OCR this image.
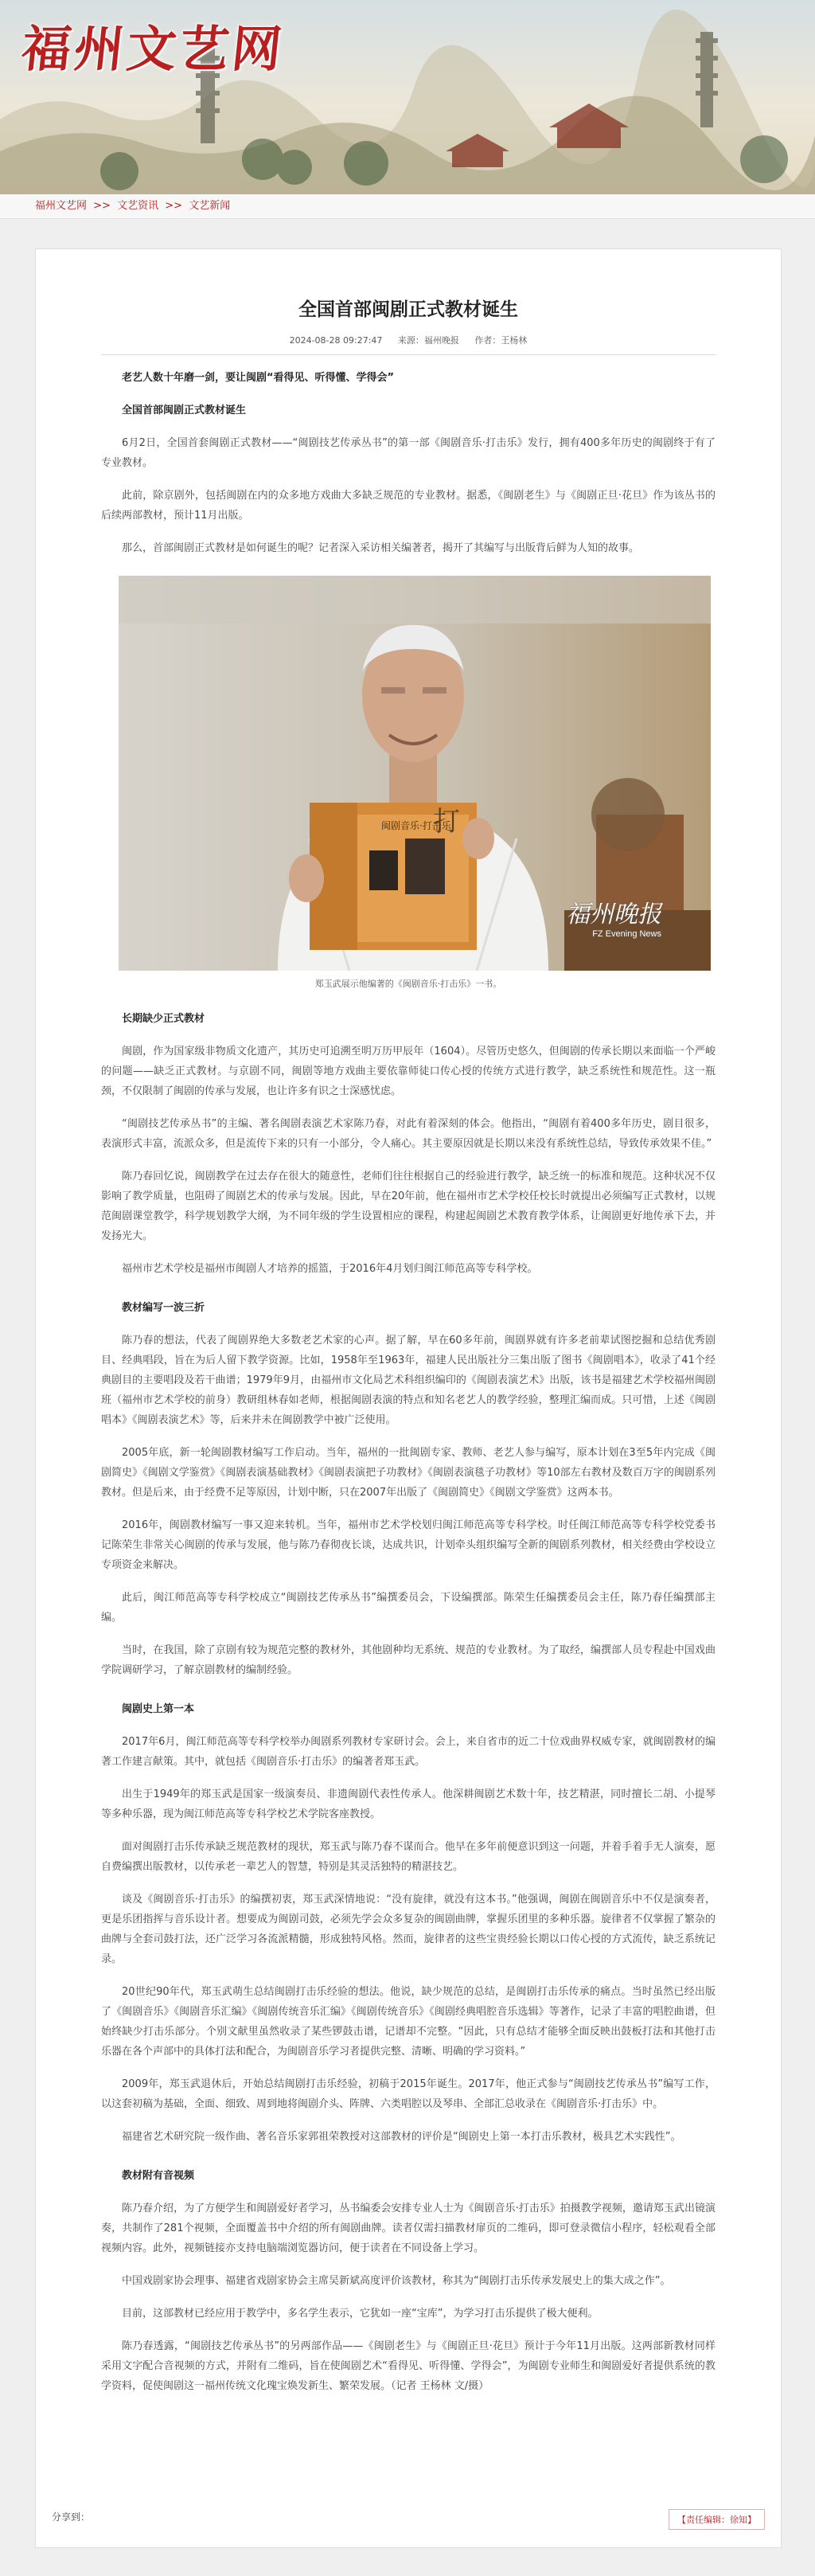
福州文艺网
福州文艺网 >> 文艺资讯 >> 文艺新闻
全国首部闽剧正式教材诞生
2024-08-28 09:27:47 来源：福州晚报 作者：王杨林

老艺人数十年磨一剑，要让闽剧“看得见、听得懂、学得会”

全国首部闽剧正式教材诞生

6月2日，全国首套闽剧正式教材——“闽剧技艺传承丛书”的第一部《闽剧音乐·打击乐》发行，拥有400多年历史的闽剧终于有了专业教材。

此前，除京剧外，包括闽剧在内的众多地方戏曲大多缺乏规范的专业教材。据悉，《闽剧老生》与《闽剧正旦·花旦》作为该丛书的后续两部教材，预计11月出版。

那么，首部闽剧正式教材是如何诞生的呢？记者深入采访相关编著者，揭开了其编写与出版背后鲜为人知的故事。

闽剧音乐·打击乐
打
福州晚报
FZ Evening News
郑玉武展示他编著的《闽剧音乐·打击乐》一书。

长期缺少正式教材

闽剧，作为国家级非物质文化遗产，其历史可追溯至明万历甲辰年（1604）。尽管历史悠久，但闽剧的传承长期以来面临一个严峻的问题——缺乏正式教材。与京剧不同，闽剧等地方戏曲主要依靠师徒口传心授的传统方式进行教学，缺乏系统性和规范性。这一瓶颈，不仅限制了闽剧的传承与发展，也让许多有识之士深感忧虑。

“闽剧技艺传承丛书”的主编、著名闽剧表演艺术家陈乃春，对此有着深刻的体会。他指出，“闽剧有着400多年历史，剧目很多，表演形式丰富，流派众多，但是流传下来的只有一小部分，令人痛心。其主要原因就是长期以来没有系统性总结，导致传承效果不佳。”

陈乃春回忆说，闽剧教学在过去存在很大的随意性，老师们往往根据自己的经验进行教学，缺乏统一的标准和规范。这种状况不仅影响了教学质量，也阻碍了闽剧艺术的传承与发展。因此，早在20年前，他在福州市艺术学校任校长时就提出必须编写正式教材，以规范闽剧课堂教学，科学规划教学大纲，为不同年级的学生设置相应的课程，构建起闽剧艺术教育教学体系，让闽剧更好地传承下去，并发扬光大。

福州市艺术学校是福州市闽剧人才培养的摇篮，于2016年4月划归闽江师范高等专科学校。

教材编写一波三折

陈乃春的想法，代表了闽剧界绝大多数老艺术家的心声。据了解，早在60多年前，闽剧界就有许多老前辈试图挖掘和总结优秀剧目、经典唱段，旨在为后人留下教学资源。比如，1958年至1963年，福建人民出版社分三集出版了图书《闽剧唱本》，收录了41个经典剧目的主要唱段及若干曲谱；1979年9月，由福州市文化局艺术科组织编印的《闽剧表演艺术》出版，该书是福建艺术学校福州闽剧班（福州市艺术学校的前身）教研组林春如老师，根据闽剧表演的特点和知名老艺人的教学经验，整理汇编而成。只可惜，上述《闽剧唱本》《闽剧表演艺术》等，后来并未在闽剧教学中被广泛使用。

2005年底，新一轮闽剧教材编写工作启动。当年，福州的一批闽剧专家、教师、老艺人参与编写，原本计划在3至5年内完成《闽剧简史》《闽剧文学鉴赏》《闽剧表演基础教材》《闽剧表演把子功教材》《闽剧表演毯子功教材》等10部左右教材及数百万字的闽剧系列教材。但是后来，由于经费不足等原因，计划中断，只在2007年出版了《闽剧简史》《闽剧文学鉴赏》这两本书。

2016年，闽剧教材编写一事又迎来转机。当年，福州市艺术学校划归闽江师范高等专科学校。时任闽江师范高等专科学校党委书记陈荣生非常关心闽剧的传承与发展，他与陈乃春彻夜长谈，达成共识，计划牵头组织编写全新的闽剧系列教材，相关经费由学校设立专项资金来解决。

此后，闽江师范高等专科学校成立“闽剧技艺传承丛书”编撰委员会，下设编撰部。陈荣生任编撰委员会主任，陈乃春任编撰部主编。

当时，在我国，除了京剧有较为规范完整的教材外，其他剧种均无系统、规范的专业教材。为了取经，编撰部人员专程赴中国戏曲学院调研学习，了解京剧教材的编制经验。

闽剧史上第一本

2017年6月，闽江师范高等专科学校举办闽剧系列教材专家研讨会。会上，来自省市的近二十位戏曲界权威专家，就闽剧教材的编著工作建言献策。其中，就包括《闽剧音乐·打击乐》的编著者郑玉武。

出生于1949年的郑玉武是国家一级演奏员、非遗闽剧代表性传承人。他深耕闽剧艺术数十年，技艺精湛，同时擅长二胡、小提琴等多种乐器，现为闽江师范高等专科学校艺术学院客座教授。

面对闽剧打击乐传承缺乏规范教材的现状，郑玉武与陈乃春不谋而合。他早在多年前便意识到这一问题，并着手着手无人演奏，愿自费编撰出版教材，以传承老一辈艺人的智慧，特别是其灵活独特的精湛技艺。

谈及《闽剧音乐·打击乐》的编撰初衷，郑玉武深情地说：“没有旋律，就没有这本书。”他强调，闽剧在闽剧音乐中不仅是演奏者，更是乐团指挥与音乐设计者。想要成为闽剧司鼓，必须先学会众多复杂的闽剧曲牌，掌握乐团里的多种乐器。旋律者不仅掌握了繁杂的曲牌与全套司鼓打法，还广泛学习各流派精髓，形成独特风格。然而，旋律者的这些宝贵经验长期以口传心授的方式流传，缺乏系统记录。

20世纪90年代，郑玉武萌生总结闽剧打击乐经验的想法。他说，缺少规范的总结，是闽剧打击乐传承的痛点。当时虽然已经出版了《闽剧音乐》《闽剧音乐汇编》《闽剧传统音乐汇编》《闽剧传统音乐》《闽剧经典唱腔音乐选辑》等著作，记录了丰富的唱腔曲谱，但始终缺少打击乐部分。个别文献里虽然收录了某些锣鼓击谱，记谱却不完整。“因此，只有总结才能够全面反映出鼓板打法和其他打击乐器在各个声部中的具体打法和配合，为闽剧音乐学习者提供完整、清晰、明确的学习资料。”

2009年，郑玉武退休后，开始总结闽剧打击乐经验，初稿于2015年诞生。2017年，他正式参与“闽剧技艺传承丛书”编写工作，以这套初稿为基础，全面、细致、周到地将闽剧介头、阵牌、六类唱腔以及琴串、全部汇总收录在《闽剧音乐·打击乐》中。

福建省艺术研究院一级作曲、著名音乐家郭祖荣教授对这部教材的评价是“闽剧史上第一本打击乐教材，极具艺术实践性”。

教材附有音视频

陈乃春介绍，为了方便学生和闽剧爱好者学习，丛书编委会安排专业人士为《闽剧音乐·打击乐》拍摄教学视频，邀请郑玉武出镜演奏，共制作了281个视频，全面覆盖书中介绍的所有闽剧曲牌。读者仅需扫描教材扉页的二维码，即可登录微信小程序，轻松观看全部视频内容。此外，视频链接亦支持电脑端浏览器访问，便于读者在不同设备上学习。

中国戏剧家协会理事、福建省戏剧家协会主席吴新斌高度评价该教材，称其为“闽剧打击乐传承发展史上的集大成之作”。

目前，这部教材已经应用于教学中，多名学生表示，它犹如一座“宝库”，为学习打击乐提供了极大便利。

陈乃春透露，“闽剧技艺传承丛书”的另两部作品——《闽剧老生》与《闽剧正旦·花旦》预计于今年11月出版。这两部新教材同样采用文字配合音视频的方式，并附有二维码，旨在使闽剧艺术“看得见、听得懂、学得会”，为闽剧专业师生和闽剧爱好者提供系统的教学资料，促使闽剧这一福州传统文化瑰宝焕发新生、繁荣发展。（记者 王杨林 文/摄）

分享到：	【责任编辑：徐知】
